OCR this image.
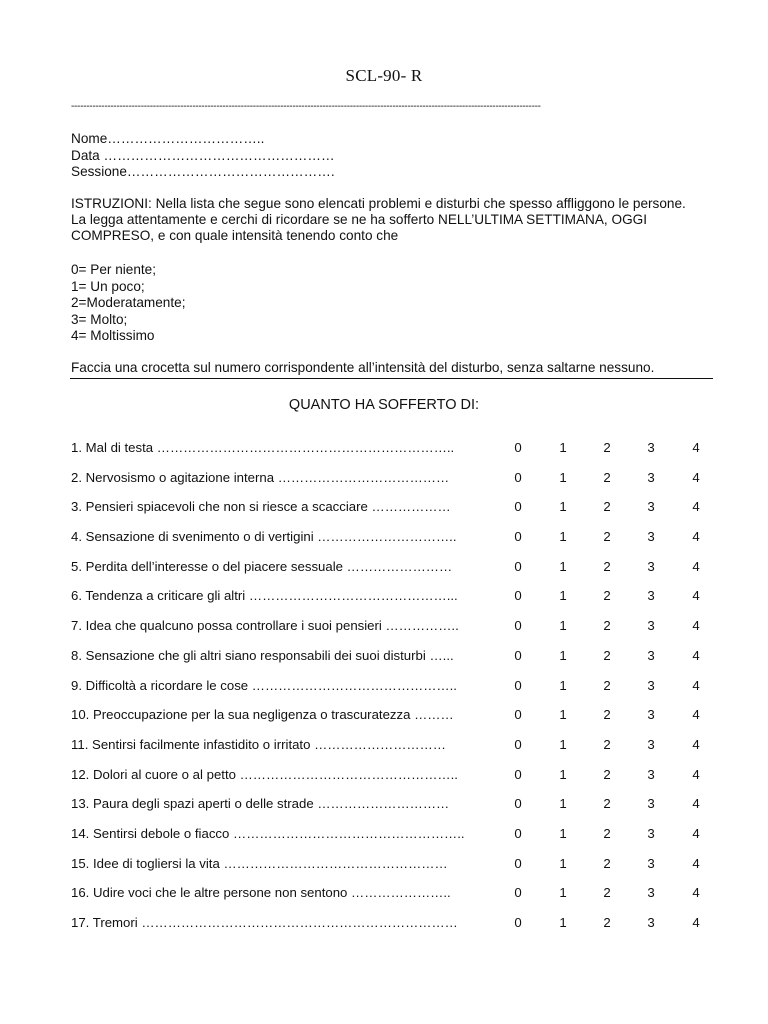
SCL-90- R
-----------------------------------------------------------------------------------------------------------------------------------------------------------
Nome……………………………..
Data ……………………………………………
Sessione……………………………………….
ISTRUZIONI: Nella lista che segue sono elencati problemi e disturbi che spesso affliggono le persone.
La legga attentamente e cerchi di ricordare se ne ha sofferto NELL’ULTIMA SETTIMANA, OGGI
COMPRESO, e con quale intensità tenendo conto che
0= Per niente;
1= Un poco;
2=Moderatamente;
3= Molto;
4= Moltissimo
Faccia una crocetta sul numero corrispondente all’intensità del disturbo, senza saltarne nessuno.
QUANTO HA SOFFERTO DI:
1. Mal di testa …………………………………………………………..	0	1	2	3	4
2. Nervosismo o agitazione interna …………………………………	0	1	2	3	4
3. Pensieri spiacevoli che non si riesce a scacciare ………………	0	1	2	3	4
4. Sensazione di svenimento o di vertigini …………………………..	0	1	2	3	4
5. Perdita dell’interesse o del piacere sessuale ……………………	0	1	2	3	4
6. Tendenza a criticare gli altri ………………………………………...	0	1	2	3	4
7. Idea che qualcuno possa controllare i suoi pensieri ……………..	0	1	2	3	4
8. Sensazione che gli altri siano responsabili dei suoi disturbi …...	0	1	2	3	4
9. Difficoltà a ricordare le cose ………………………………………..	0	1	2	3	4
10. Preoccupazione per la sua negligenza o trascuratezza ………	0	1	2	3	4
11. Sentirsi facilmente infastidito o irritato …………………………	0	1	2	3	4
12. Dolori al cuore o al petto …………………………………………..	0	1	2	3	4
13. Paura degli spazi aperti o delle strade …………………………	0	1	2	3	4
14. Sentirsi debole o fiacco ……………………………………………..	0	1	2	3	4
15. Idee di togliersi la vita ……………………………………………	0	1	2	3	4
16. Udire voci che le altre persone non sentono …………………..	0	1	2	3	4
17. Tremori ………………………………………………………………	0	1	2	3	4
